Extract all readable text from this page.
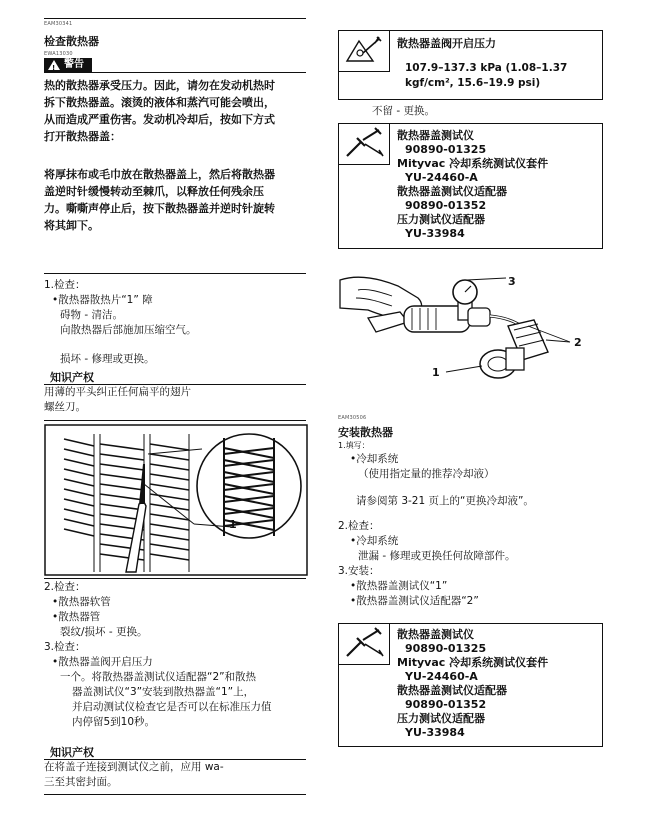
EAM30341
检查散热器
EWA13030
! 警告
热的散热器承受压力。因此，请勿在发动机热时
拆下散热器盖。滚烫的液体和蒸汽可能会喷出，
从而造成严重伤害。发动机冷却后，按如下方式
打开散热器盖：
将厚抹布或毛巾放在散热器盖上，然后将散热器
盖逆时针缓慢转动至棘爪，以释放任何残余压
力。嘶嘶声停止后，按下散热器盖并逆时针旋转
将其卸下。
1.检查：
•散热器散热片“1” 障
碍物 - 清洁。
向散热器后部施加压缩空气。
损坏 - 修理或更换。
知识产权
用薄的平头纠正任何扁平的翅片
螺丝刀。
1
2.检查：
•散热器软管
•散热器管
裂纹/损坏 - 更换。
3.检查：
•散热器盖阀开启压力
一个。将散热器盖测试仪适配器“2”和散热
器盖测试仪“3”安装到散热器盖“1”上，
并启动测试仪检查它是否可以在标准压力值
内停留5到10秒。
知识产权
在将盖子连接到测试仪之前，应用 wa-
三至其密封面。
散热器盖阀开启压力
107.9–137.3 kPa (1.08–1.37
kgf/cm², 15.6–19.9 psi)
不留 - 更换。
散热器盖测试仪
90890-01325
Mityvac 冷却系统测试仪套件
YU-24460-A
散热器盖测试仪适配器
90890-01352
压力测试仪适配器
YU-33984
3
2
1
EAM30506
安装散热器
1.填写：
•冷却系统
（使用指定量的推荐冷却液）
请参阅第 3-21 页上的“更换冷却液”。
2.检查：
•冷却系统
泄漏 - 修理或更换任何故障部件。
3.安装：
•散热器盖测试仪“1”
•散热器盖测试仪适配器“2”
散热器盖测试仪
90890-01325
Mityvac 冷却系统测试仪套件
YU-24460-A
散热器盖测试仪适配器
90890-01352
压力测试仪适配器
YU-33984
